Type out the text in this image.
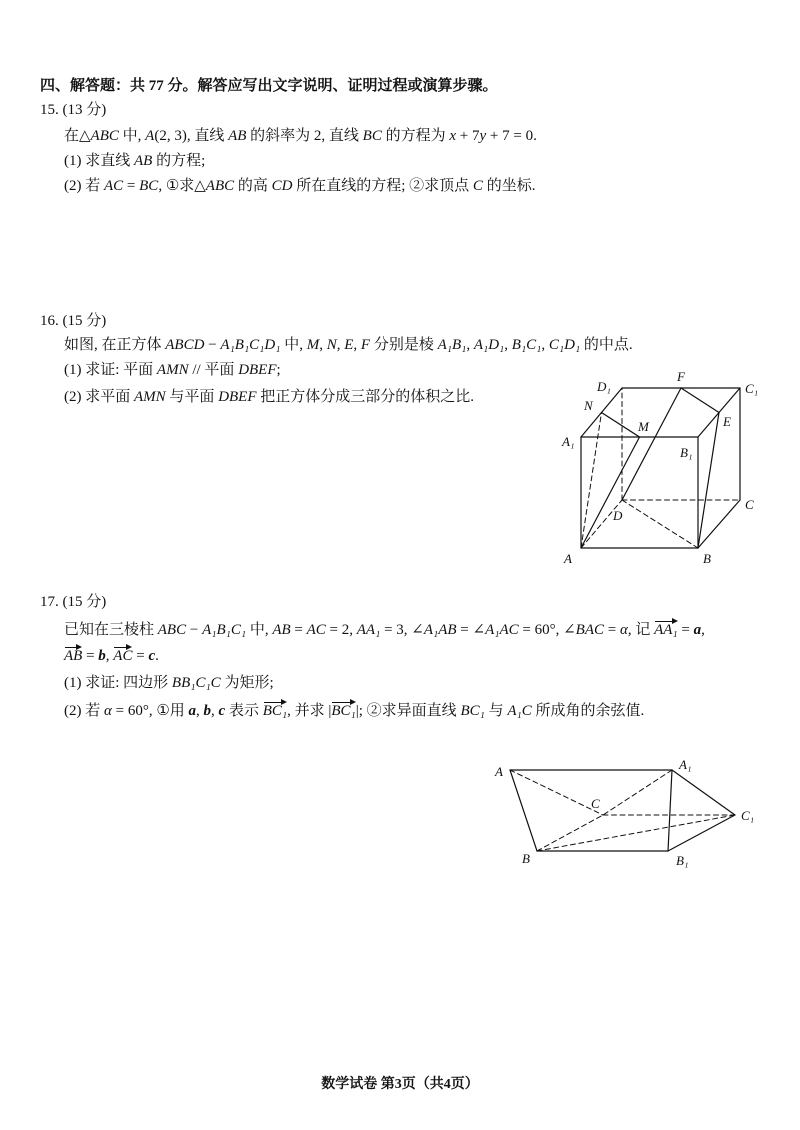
四、解答题：共 77 分。解答应写出文字说明、证明过程或演算步骤。
15. (13 分)
在△ABC 中, A(2, 3), 直线 AB 的斜率为 2, 直线 BC 的方程为 x + 7y + 7 = 0.
(1) 求直线 AB 的方程;
(2) 若 AC = BC, ①求△ABC 的高 CD 所在直线的方程; ②求顶点 C 的坐标.
16. (15 分)
如图, 在正方体 ABCD − A₁B₁C₁D₁ 中, M, N, E, F 分别是棱 A₁B₁, A₁D₁, B₁C₁, C₁D₁ 的中点.
(1) 求证: 平面 AMN // 平面 DBEF;
(2) 求平面 AMN 与平面 DBEF 把正方体分成三部分的体积之比.
D₁
F
C₁
N
E
M
A₁
B₁
C
D
A	B
17. (15 分)
已知在三棱柱 ABC − A₁B₁C₁ 中, AB = AC = 2, AA₁ = 3, ∠A₁AB = ∠A₁AC = 60°, ∠BAC = α, 记 AA₁ = a,
AB = b, AC = c.
(1) 求证: 四边形 BB₁C₁C 为矩形;
(2) 若 α = 60°, ①用 a, b, c 表示 BC₁, 并求 |BC₁|; ②求异面直线 BC₁ 与 A₁C 所成角的余弦值.
A	A₁
C
C₁
B	B₁
数学试卷 第3页（共4页）
